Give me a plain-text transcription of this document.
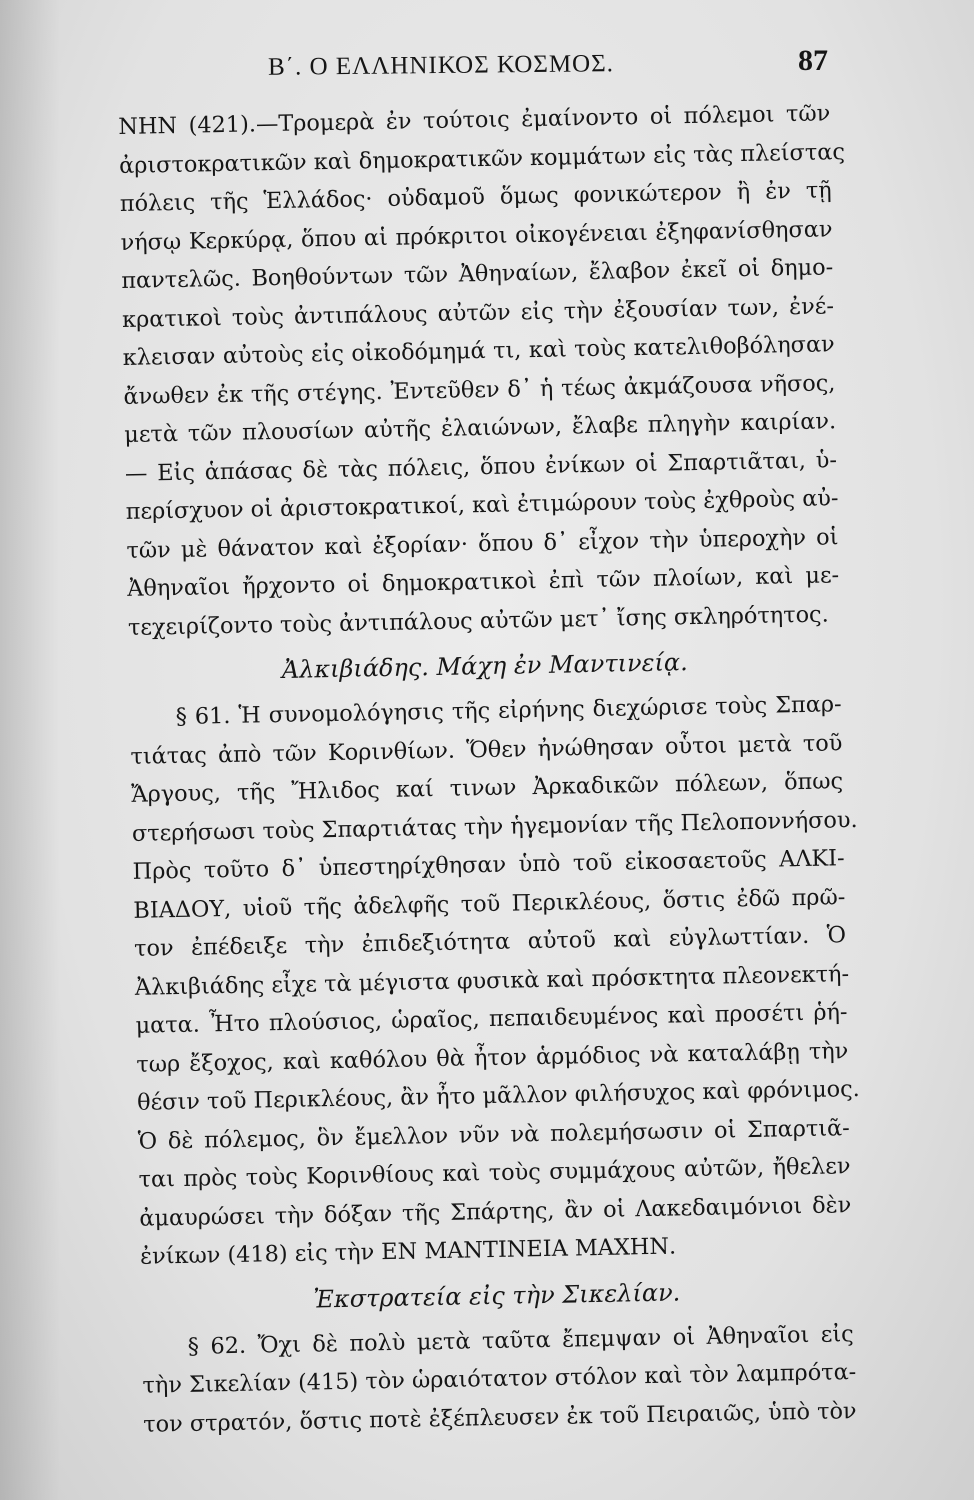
Β΄. Ο ΕΛΛΗΝΙΚΟΣ ΚΟΣΜΟΣ.	87
ΝΗΝ (421).—Τρομερὰ ἐν τούτοις ἐμαίνοντο οἱ πόλεμοι τῶν
ἀριστοκρατικῶν καὶ δημοκρατικῶν κομμάτων εἰς τὰς πλείστας
πόλεις τῆς Ἑλλάδος· οὐδαμοῦ ὅμως φονικώτερον ἢ ἐν τῇ
νήσῳ Κερκύρᾳ, ὅπου αἱ πρόκριτοι οἰκογένειαι ἐξηφανίσθησαν
παντελῶς. Βοηθούντων τῶν Ἀθηναίων, ἔλαβον ἐκεῖ οἱ δημο-
κρατικοὶ τοὺς ἀντιπάλους αὐτῶν εἰς τὴν ἐξουσίαν των, ἐνέ-
κλεισαν αὐτοὺς εἰς οἰκοδόμημά τι, καὶ τοὺς κατελιθοβόλησαν
ἄνωθεν ἐκ τῆς στέγης. Ἐντεῦθεν δ᾿ ἡ τέως ἀκμάζουσα νῆσος,
μετὰ τῶν πλουσίων αὐτῆς ἐλαιώνων, ἔλαβε πληγὴν καιρίαν.
— Εἰς ἁπάσας δὲ τὰς πόλεις, ὅπου ἐνίκων οἱ Σπαρτιᾶται, ὑ-
περίσχυον οἱ ἀριστοκρατικοί, καὶ ἐτιμώρουν τοὺς ἐχθροὺς αὐ-
τῶν μὲ θάνατον καὶ ἐξορίαν· ὅπου δ᾿ εἶχον τὴν ὑπεροχὴν οἱ
Ἀθηναῖοι ἤρχοντο οἱ δημοκρατικοὶ ἐπὶ τῶν πλοίων, καὶ με-
τεχειρίζοντο τοὺς ἀντιπάλους αὐτῶν μετ᾿ ἴσης σκληρότητος.
Ἀλκιβιάδης. Μάχη ἐν Μαντινείᾳ.
§ 61. Ἡ συνομολόγησις τῆς εἰρήνης διεχώρισε τοὺς Σπαρ-
τιάτας ἀπὸ τῶν Κορινθίων. Ὅθεν ἠνώθησαν οὗτοι μετὰ τοῦ
Ἄργους, τῆς Ἤλιδος καί τινων Ἀρκαδικῶν πόλεων, ὅπως
στερήσωσι τοὺς Σπαρτιάτας τὴν ἡγεμονίαν τῆς Πελοποννήσου.
Πρὸς τοῦτο δ᾿ ὑπεστηρίχθησαν ὑπὸ τοῦ εἰκοσαετοῦς ΑΛΚΙ-
ΒΙΑΔΟΥ, υἱοῦ τῆς ἀδελφῆς τοῦ Περικλέους, ὅστις ἐδῶ πρῶ-
τον ἐπέδειξε τὴν ἐπιδεξιότητα αὐτοῦ καὶ εὐγλωττίαν. Ὁ
Ἀλκιβιάδης εἶχε τὰ μέγιστα φυσικὰ καὶ πρόσκτητα πλεονεκτή-
ματα. Ἦτο πλούσιος, ὡραῖος, πεπαιδευμένος καὶ προσέτι ῥή-
τωρ ἔξοχος, καὶ καθόλου θὰ ἦτον ἁρμόδιος νὰ καταλάβῃ τὴν
θέσιν τοῦ Περικλέους, ἂν ἦτο μᾶλλον φιλήσυχος καὶ φρόνιμος.
Ὁ δὲ πόλεμος, ὃν ἔμελλον νῦν νὰ πολεμήσωσιν οἱ Σπαρτιᾶ-
ται πρὸς τοὺς Κορινθίους καὶ τοὺς συμμάχους αὐτῶν, ἤθελεν
ἀμαυρώσει τὴν δόξαν τῆς Σπάρτης, ἂν οἱ Λακεδαιμόνιοι δὲν
ἐνίκων (418) εἰς τὴν ΕΝ ΜΑΝΤΙΝΕΙΑ ΜΑΧΗΝ.
Ἐκστρατεία εἰς τὴν Σικελίαν.
§ 62. Ὄχι δὲ πολὺ μετὰ ταῦτα ἔπεμψαν οἱ Ἀθηναῖοι εἰς
τὴν Σικελίαν (415) τὸν ὡραιότατον στόλον καὶ τὸν λαμπρότα-
τον στρατόν, ὅστις ποτὲ ἐξέπλευσεν ἐκ τοῦ Πειραιῶς, ὑπὸ τὸν
